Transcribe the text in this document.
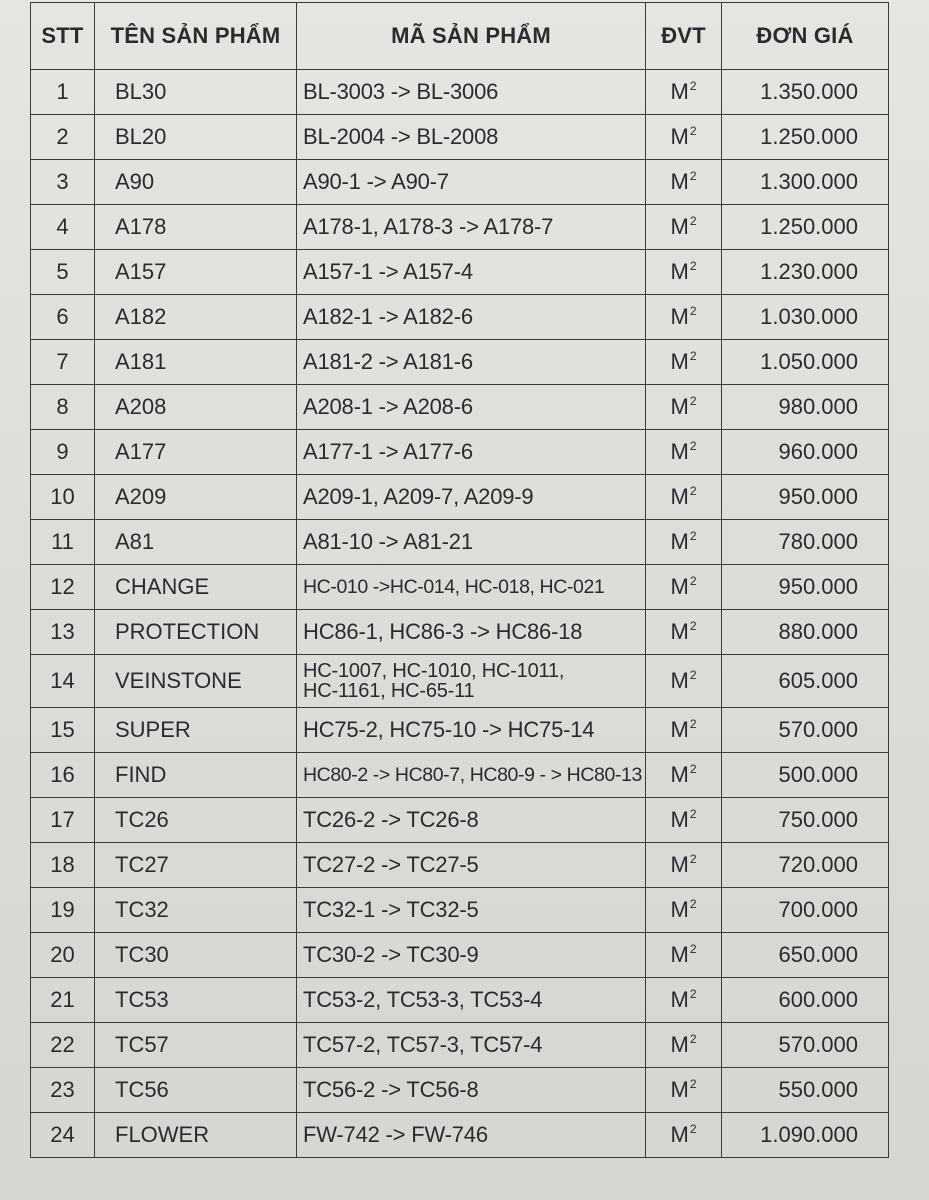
STT	TÊN SẢN PHẨM	MÃ SẢN PHẨM	ĐVT	ĐƠN GIÁ
1	BL30	BL-3003 -> BL-3006	$M^2$	1.350.000
2	BL20	BL-2004 -> BL-2008	$M^2$	1.250.000
3	A90	A90-1 -> A90-7	$M^2$	1.300.000
4	A178	A178-1, A178-3 -> A178-7	$M^2$	1.250.000
5	A157	A157-1 -> A157-4	$M^2$	1.230.000
6	A182	A182-1 -> A182-6	$M^2$	1.030.000
7	A181	A181-2 -> A181-6	$M^2$	1.050.000
8	A208	A208-1 -> A208-6	$M^2$	980.000
9	A177	A177-1 -> A177-6	$M^2$	960.000
10	A209	A209-1, A209-7, A209-9	$M^2$	950.000
11	A81	A81-10 -> A81-21	$M^2$	780.000
12	CHANGE	HC-010 ->HC-014, HC-018, HC-021	$M^2$	950.000
13	PROTECTION	HC86-1, HC86-3 -> HC86-18	$M^2$	880.000
14	VEINSTONE	HC-1007, HC-1010, HC-1011,
HC-1161, HC-65-11	$M^2$	605.000
15	SUPER	HC75-2, HC75-10 -> HC75-14	$M^2$	570.000
16	FIND	HC80-2 -> HC80-7, HC80-9 - > HC80-13	$M^2$	500.000
17	TC26	TC26-2 -> TC26-8	$M^2$	750.000
18	TC27	TC27-2 -> TC27-5	$M^2$	720.000
19	TC32	TC32-1 -> TC32-5	$M^2$	700.000
20	TC30	TC30-2 -> TC30-9	$M^2$	650.000
21	TC53	TC53-2, TC53-3, TC53-4	$M^2$	600.000
22	TC57	TC57-2, TC57-3, TC57-4	$M^2$	570.000
23	TC56	TC56-2 -> TC56-8	$M^2$	550.000
24	FLOWER	FW-742 -> FW-746	$M^2$	1.090.000
